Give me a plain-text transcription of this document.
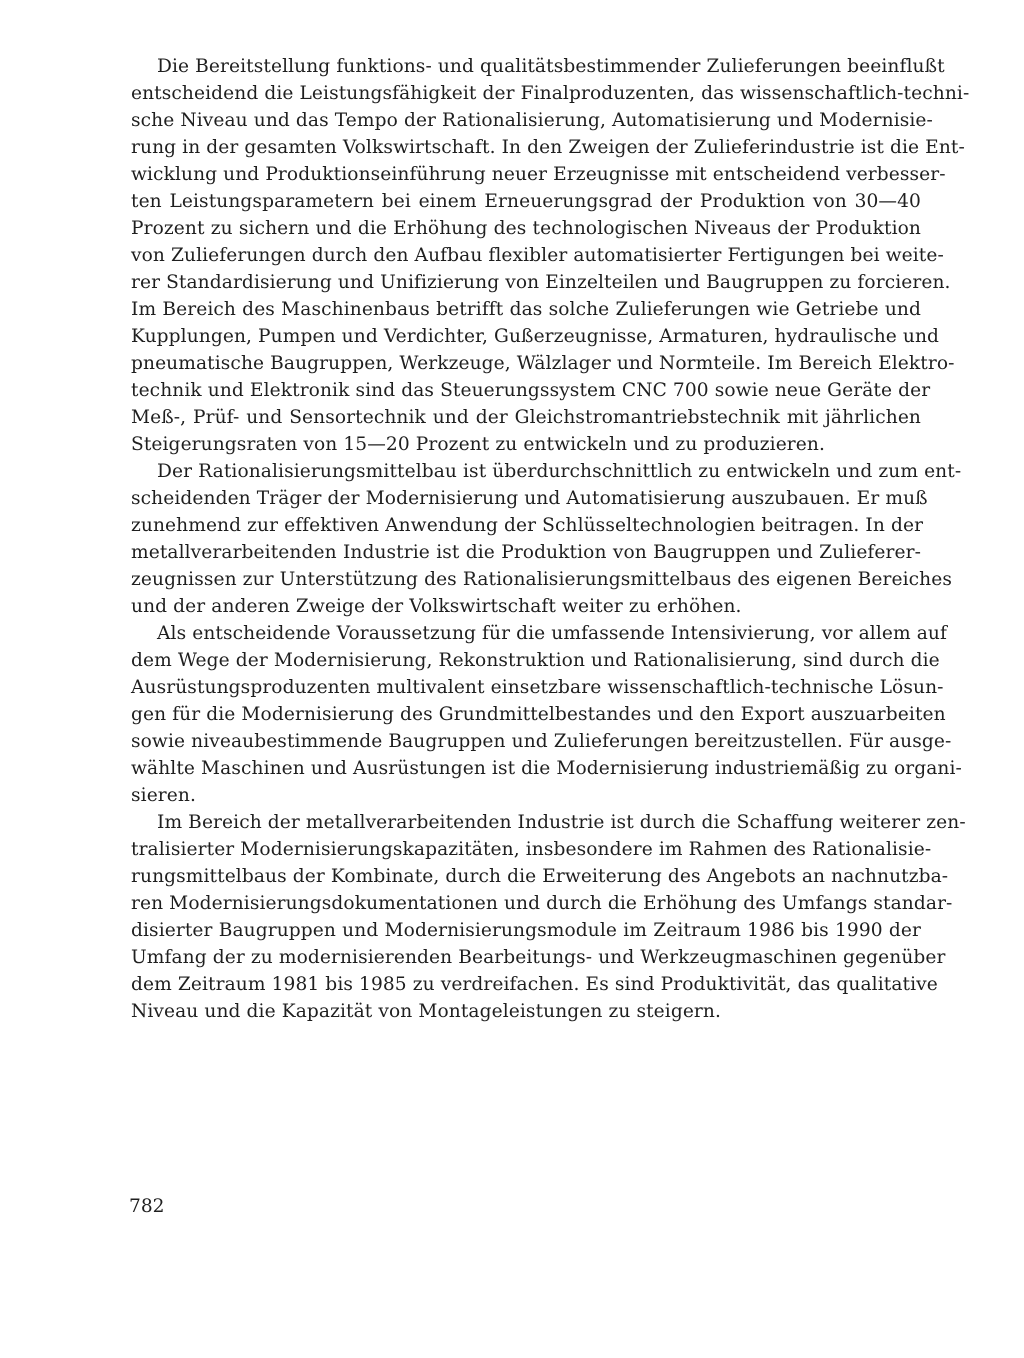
Die Bereitstellung funktions- und qualitätsbestimmender Zulieferungen beeinflußt
entscheidend die Leistungsfähigkeit der Finalproduzenten, das wissenschaftlich-techni-
sche Niveau und das Tempo der Rationalisierung, Automatisierung und Modernisie-
rung in der gesamten Volkswirtschaft. In den Zweigen der Zulieferindustrie ist die Ent-
wicklung und Produktionseinführung neuer Erzeugnisse mit entscheidend verbesser-
ten Leistungsparametern bei einem Erneuerungsgrad der Produktion von 30—40
Prozent zu sichern und die Erhöhung des technologischen Niveaus der Produktion
von Zulieferungen durch den Aufbau flexibler automatisierter Fertigungen bei weite-
rer Standardisierung und Unifizierung von Einzelteilen und Baugruppen zu forcieren.
Im Bereich des Maschinenbaus betrifft das solche Zulieferungen wie Getriebe und
Kupplungen, Pumpen und Verdichter, Gußerzeugnisse, Armaturen, hydraulische und
pneumatische Baugruppen, Werkzeuge, Wälzlager und Normteile. Im Bereich Elektro-
technik und Elektronik sind das Steuerungssystem CNC 700 sowie neue Geräte der
Meß-, Prüf- und Sensortechnik und der Gleichstromantriebstechnik mit jährlichen
Steigerungsraten von 15—20 Prozent zu entwickeln und zu produzieren.

Der Rationalisierungsmittelbau ist überdurchschnittlich zu entwickeln und zum ent-
scheidenden Träger der Modernisierung und Automatisierung auszubauen. Er muß
zunehmend zur effektiven Anwendung der Schlüsseltechnologien beitragen. In der
metallverarbeitenden Industrie ist die Produktion von Baugruppen und Zulieferer-
zeugnissen zur Unterstützung des Rationalisierungsmittelbaus des eigenen Bereiches
und der anderen Zweige der Volkswirtschaft weiter zu erhöhen.

Als entscheidende Voraussetzung für die umfassende Intensivierung, vor allem auf
dem Wege der Modernisierung, Rekonstruktion und Rationalisierung, sind durch die
Ausrüstungsproduzenten multivalent einsetzbare wissenschaftlich-technische Lösun-
gen für die Modernisierung des Grundmittelbestandes und den Export auszuarbeiten
sowie niveaubestimmende Baugruppen und Zulieferungen bereitzustellen. Für ausge-
wählte Maschinen und Ausrüstungen ist die Modernisierung industriemäßig zu organi-
sieren.

Im Bereich der metallverarbeitenden Industrie ist durch die Schaffung weiterer zen-
tralisierter Modernisierungskapazitäten, insbesondere im Rahmen des Rationalisie-
rungsmittelbaus der Kombinate, durch die Erweiterung des Angebots an nachnutzba-
ren Modernisierungsdokumentationen und durch die Erhöhung des Umfangs standar-
disierter Baugruppen und Modernisierungsmodule im Zeitraum 1986 bis 1990 der
Umfang der zu modernisierenden Bearbeitungs- und Werkzeugmaschinen gegenüber
dem Zeitraum 1981 bis 1985 zu verdreifachen. Es sind Produktivität, das qualitative
Niveau und die Kapazität von Montageleistungen zu steigern.

782
